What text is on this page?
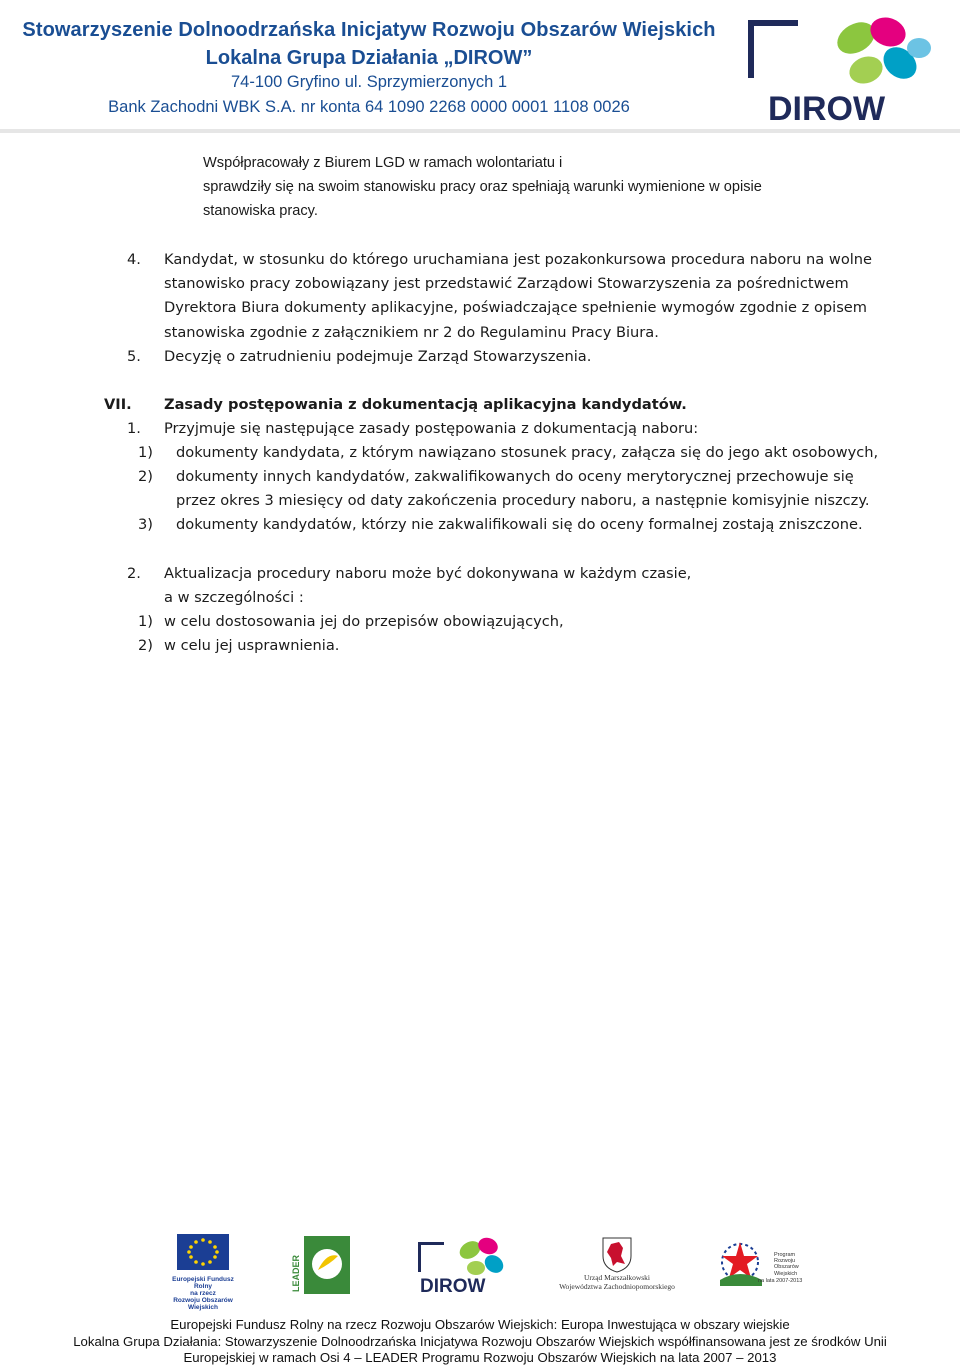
Stowarzyszenie Dolnoodrzańska Inicjatyw Rozwoju Obszarów Wiejskich
Lokalna Grupa Działania „DIROW”
74-100 Gryfino ul. Sprzymierzonych 1
Bank Zachodni WBK S.A. nr konta 64 1090 2268 0000 0001 1108 0026	DIROW
Współpracowały z Biurem LGD w ramach wolontariatu i
sprawdziły się na swoim stanowisku pracy oraz spełniają warunki wymienione w opisie
stanowiska pracy.
4. Kandydat, w stosunku do którego uruchamiana jest pozakonkursowa procedura naboru na wolne
stanowisko pracy zobowiązany jest przedstawić Zarządowi Stowarzyszenia za pośrednictwem
Dyrektora Biura dokumenty aplikacyjne, poświadczające spełnienie wymogów zgodnie z opisem
stanowiska zgodnie z załącznikiem nr 2 do Regulaminu Pracy Biura.
5. Decyzję o zatrudnieniu podejmuje Zarząd Stowarzyszenia.
VII. Zasady postępowania z dokumentacją aplikacyjna kandydatów.
1. Przyjmuje się następujące zasady postępowania z dokumentacją naboru:
1) dokumenty kandydata, z którym nawiązano stosunek pracy, załącza się do jego akt osobowych,
2) dokumenty innych kandydatów, zakwalifikowanych do oceny merytorycznej przechowuje się
przez okres 3 miesięcy od daty zakończenia procedury naboru, a następnie komisyjnie niszczy.
3) dokumenty kandydatów, którzy nie zakwalifikowali się do oceny formalnej zostają zniszczone.
2. Aktualizacja procedury naboru może być dokonywana w każdym czasie,
a w szczególności :
1) w celu dostosowania jej do przepisów obowiązujących,
2) w celu jej usprawnienia.
Europejski Fundusz Rolny
na rzecz
Rozwoju Obszarów Wiejskich
LEADER	DIROW	Urząd Marszałkowski
Województwa Zachodniopomorskiego
Program
Rozwoju
Obszarów
Wiejskich
na lata 2007-2013
Europejski Fundusz Rolny na rzecz Rozwoju Obszarów Wiejskich: Europa Inwestująca w obszary wiejskie
Lokalna Grupa Działania: Stowarzyszenie Dolnoodrzańska Inicjatywa Rozwoju Obszarów Wiejskich współfinansowana jest ze środków Unii
Europejskiej w ramach Osi 4 – LEADER Programu Rozwoju Obszarów Wiejskich na lata 2007 – 2013
